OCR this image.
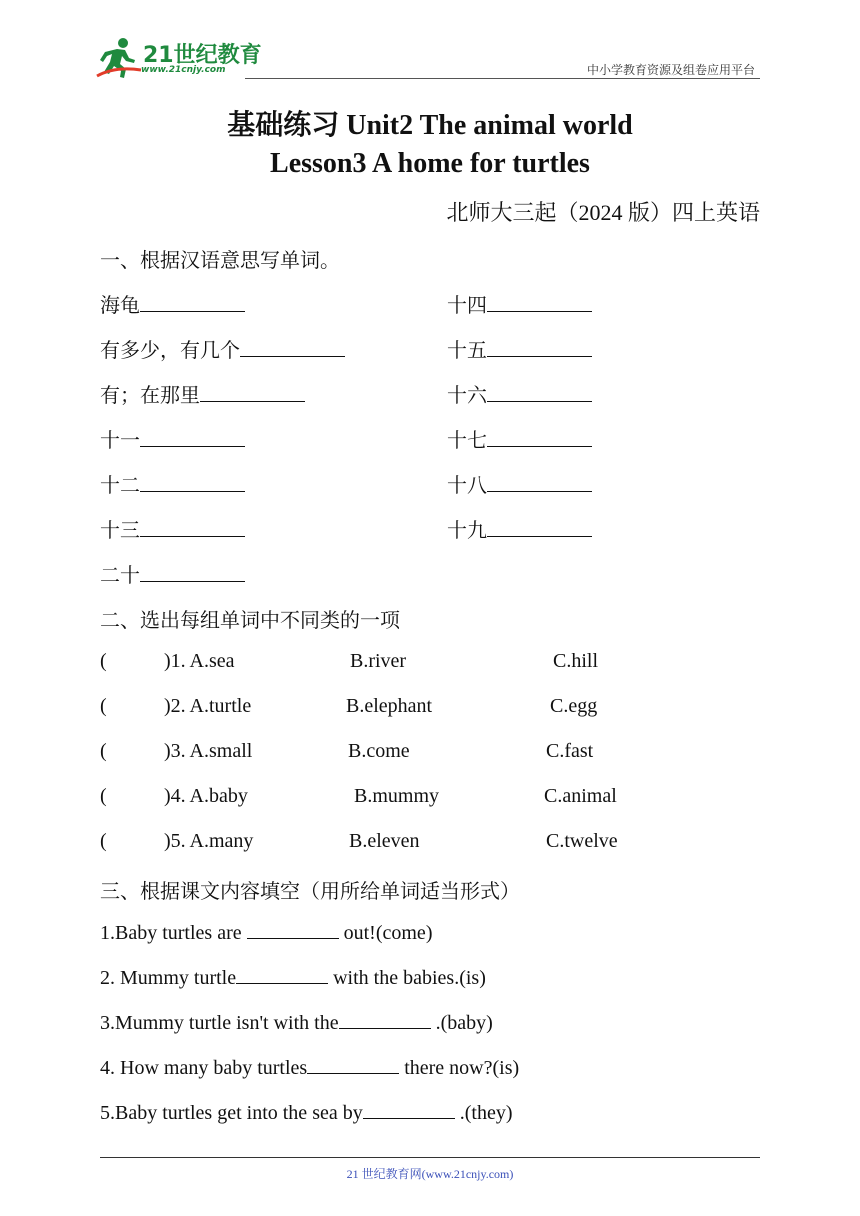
21世纪教育
www.21cnjy.com	中小学教育资源及组卷应用平台
基础练习 Unit2 The animal world
Lesson3 A home for turtles
北师大三起（2024 版）四上英语
一、根据汉语意思写单词。
海龟	十四
有多少，有几个	十五
有；在那里	十六
十一	十七
十二	十八
十三	十九
二十
二、选出每组单词中不同类的一项
(	)1. A.sea	B.river	C.hill
(	)2. A.turtle	B.elephant	C.egg
(	)3. A.small	B.come	C.fast
(	)4. A.baby	B.mummy	C.animal
(	)5. A.many	B.eleven	C.twelve
三、根据课文内容填空（用所给单词适当形式）
1.Baby turtles are	out!(come)
2. Mummy turtle	with the babies.(is)
3.Mummy turtle isn't with the	.(baby)
4. How many baby turtles	there now?(is)
5.Baby turtles get into the sea by	.(they)
21 世纪教育网(www.21cnjy.com)
